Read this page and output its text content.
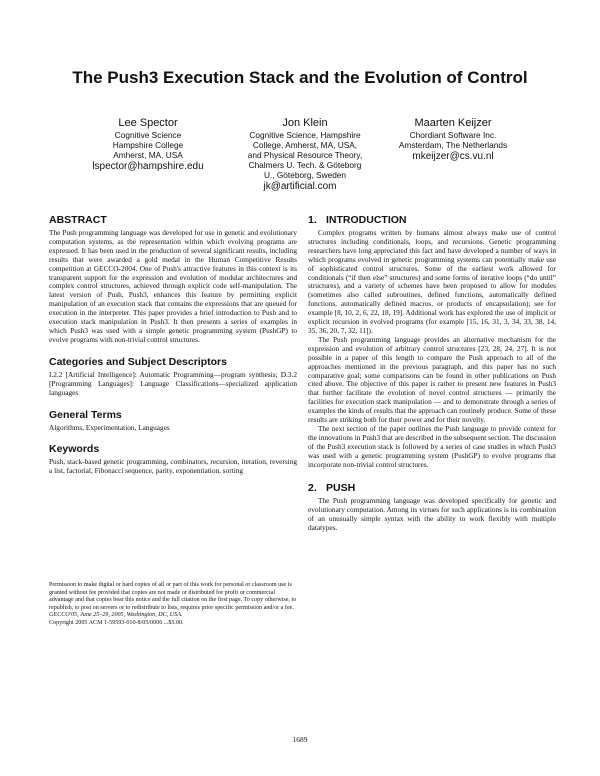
The Push3 Execution Stack and the Evolution of Control
Lee Spector
Cognitive Science
Hampshire College
Amherst, MA, USA
lspector@hampshire.edu
Jon Klein
Cognitive Science, Hampshire
College, Amherst, MA, USA,
and Physical Resource Theory,
Chalmers U. Tech. & Göteborg
U., Göteborg, Sweden
jk@artificial.com
Maarten Keijzer
Chordiant Software Inc.
Amsterdam, The Netherlands
mkeijzer@cs.vu.nl
ABSTRACT

The Push programming language was developed for use in genetic and evolutionary computation systems, as the representation within which evolving programs are expressed. It has been used in the production of several significant results, including results that were awarded a gold medal in the Human Competitive Results competition at GECCO-2004. One of Push's attractive features in this context is its transparent support for the expression and evolution of modular architectures and complex control structures, achieved through explicit code self-manipulation. The latest version of Push, Push3, enhances this feature by permitting explicit manipulation of an execution stack that contains the expressions that are queued for execution in the interpreter. This paper provides a brief introduction to Push and to execution stack manipulation in Push3. It then presents a series of examples in which Push3 was used with a simple genetic programming system (PushGP) to evolve programs with non-trivial control structures.

Categories and Subject Descriptors

I.2.2 [Artificial Intelligence]: Automatic Programming—program synthesis; D.3.2 [Programming Languages]: Language Classifications—specialized application languages

General Terms

Algorithms, Experimentation, Languages

Keywords

Push, stack-based genetic programming, combinators, recursion, iteration, reversing a list, factorial, Fibonacci sequence, parity, exponentiation, sorting

Permission to make digital or hard copies of all or part of this work for personal or classroom use is granted without fee provided that copies are not made or distributed for profit or commercial advantage and that copies bear this notice and the full citation on the first page. To copy otherwise, to republish, to post on servers or to redistribute to lists, requires prior specific permission and/or a fee.

GECCO'05, June 25–29, 2005, Washington, DC, USA.

Copyright 2005 ACM 1-59593-010-8/05/0006 ...$5.00.

1. INTRODUCTION

Complex programs written by humans almost always make use of control structures including conditionals, loops, and recursions. Genetic programming researchers have long appreciated this fact and have developed a number of ways in which programs evolved in genetic programming systems can potentially make use of sophisticated control structures. Some of the earliest work allowed for conditionals (“if then else” structures) and some forms of iterative loops (“do until” structures), and a variety of schemes have been proposed to allow for modules (sometimes also called subroutines, defined functions, automatically defined functions, automatically defined macros, or products of encapsulation); see for example [8, 10, 2, 6, 22, 18, 19]. Additional work has explored the use of implicit or explicit recursion in evolved programs (for example [15, 16, 31, 3, 34, 33, 38, 14, 35, 36, 20, 7, 32, 11]).

The Push programming language provides an alternative mechanism for the expression and evolution of arbitrary control structures [23, 28, 24, 27]. It is not possible in a paper of this length to compare the Push approach to all of the approaches mentioned in the previous paragraph, and this paper has no such comparative goal; some comparisons can be found in other publications on Push cited above. The objective of this paper is rather to present new features in Push3 that further facilitate the evolution of novel control structures — primarily the facilities for execution stack manipulation — and to demonstrate through a series of examples the kinds of results that the approach can routinely produce. Some of these results are striking both for their power and for their novelty.

The next section of the paper outlines the Push language to provide context for the innovations in Push3 that are described in the subsequent section. The discussion of the Push3 execution stack is followed by a series of case studies in which Push3 was used with a genetic programming system (PushGP) to evolve programs that incorporate non-trivial control structures.

2. PUSH

The Push programming language was developed specifically for genetic and evolutionary computation. Among its virtues for such applications is its combination of an unusually simple syntax with the ability to work flexibly with multiple datatypes.

1689
